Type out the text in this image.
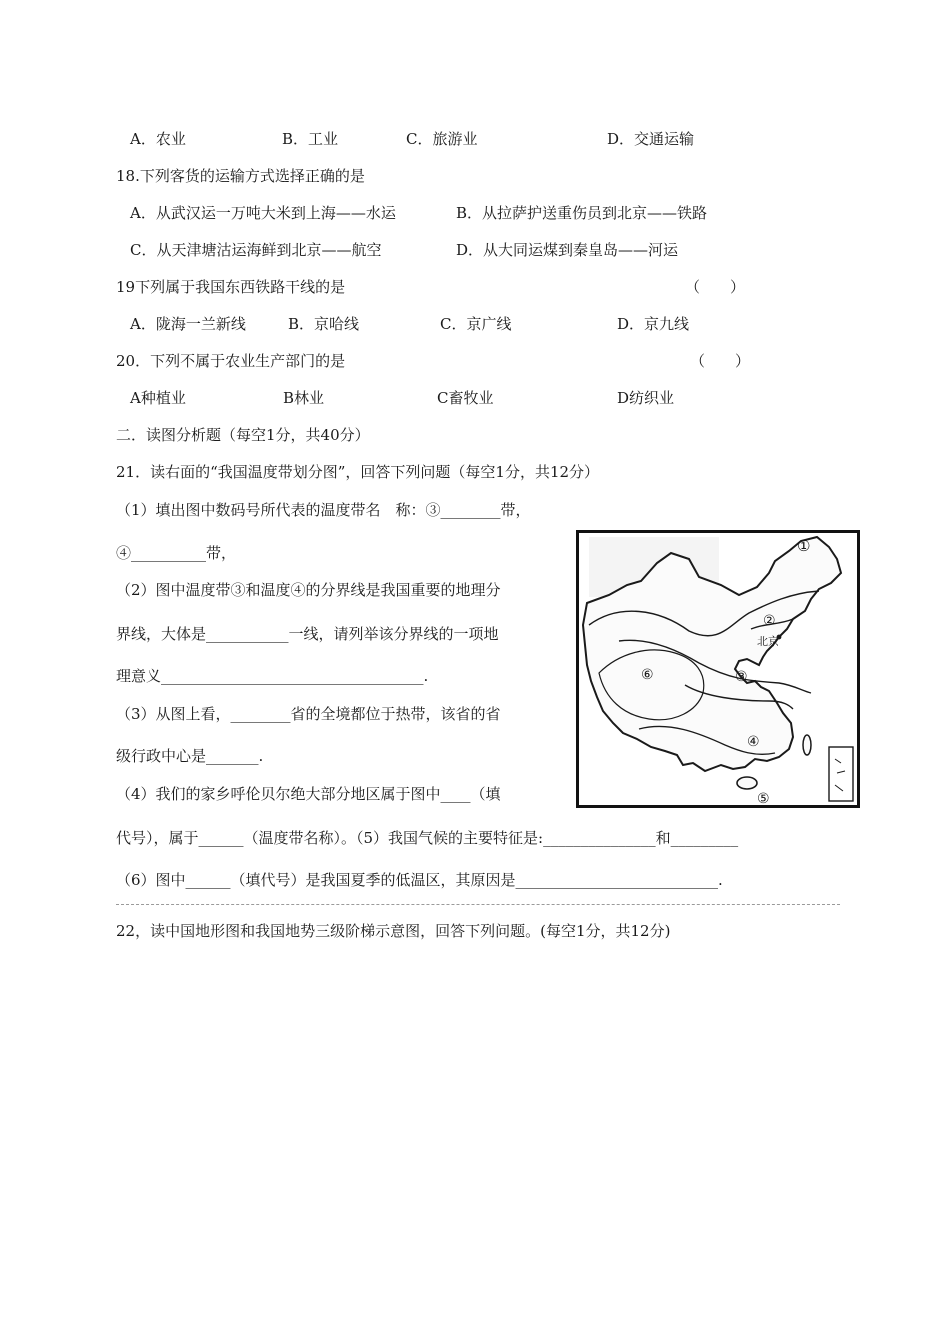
A．农业	B．工业	C．旅游业	D．交通运输
18.下列客货的运输方式选择正确的是
A．从武汉运一万吨大米到上海——水运	B．从拉萨护送重伤员到北京——铁路
C．从天津塘沽运海鲜到北京——航空	D．从大同运煤到秦皇岛——河运
19下列属于我国东西铁路干线的是	（　　）
A．陇海一兰新线	B．京哈线	C．京广线	D．京九线
20．下列不属于农业生产部门的是	（　　）
A种植业	B林业	C畜牧业	D纺织业
二．读图分析题（每空1分，共40分）
21．读右面的“我国温度带划分图”，回答下列问题（每空1分，共12分）
（1）填出图中数码号所代表的温度带名　称：③________带，
④__________带，
（2）图中温度带③和温度④的分界线是我国重要的地理分
界线，大体是___________一线，请列举该分界线的一项地
理意义___________________________________.
（3）从图上看，________省的全境都位于热带，该省的省
级行政中心是_______.
（4）我们的家乡呼伦贝尔绝大部分地区属于图中____（填
代号），属于______（温度带名称）。（5）我国气候的主要特征是:_______________和_________
（6）图中______（填代号）是我国夏季的低温区，其原因是___________________________.
①
②
北京
③
⑥
④
⑤
22，读中国地形图和我国地势三级阶梯示意图，回答下列问题。(每空1分，共12分)
